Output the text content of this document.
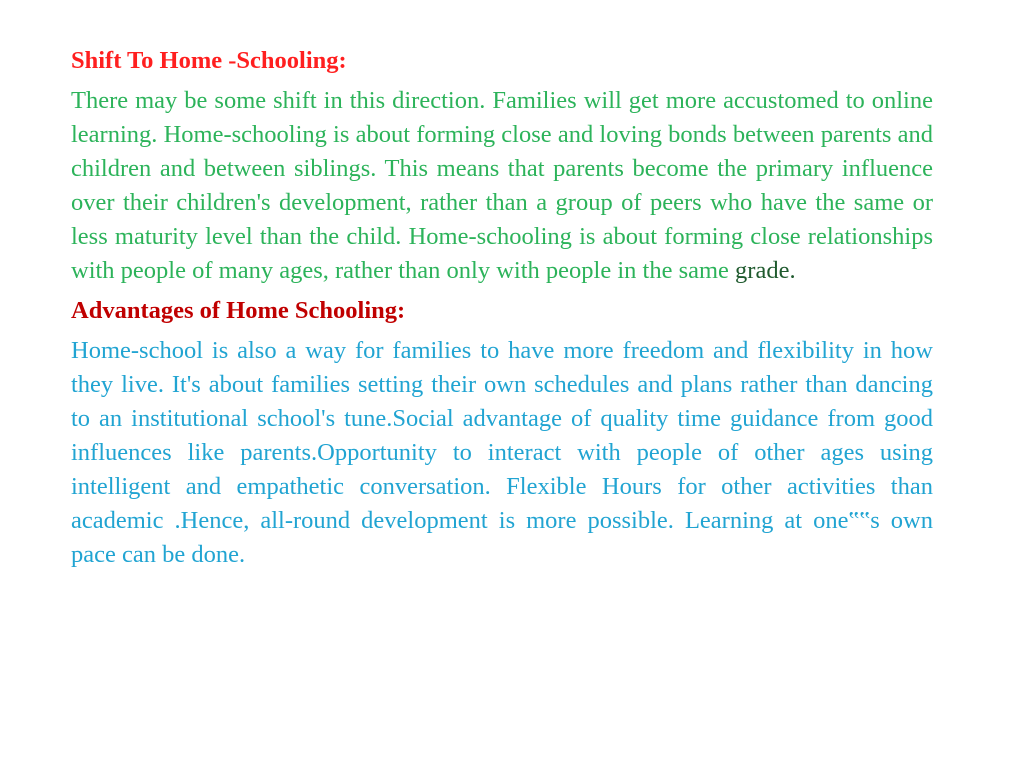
Shift To Home -Schooling:

There may be some shift in this direction. Families will get more accustomed to online learning. Home-schooling is about forming close and loving bonds between parents and children and between siblings. This means that parents become the primary influence over their children's development, rather than a group of peers who have the same or less maturity level than the child. Home-schooling is about forming close relationships with people of many ages, rather than only with people in the same grade.

Advantages of Home Schooling:

Home-school is also a way for families to have more freedom and flexibility in how they live. It's about families setting their own schedules and plans rather than dancing to an institutional school's tune.Social advantage of quality time guidance from good influences like parents.Opportunity to interact with people of other ages using intelligent and empathetic conversation. Flexible Hours for other activities than academic .Hence, all-round development is more possible. Learning at one‟‟s own pace can be done.
